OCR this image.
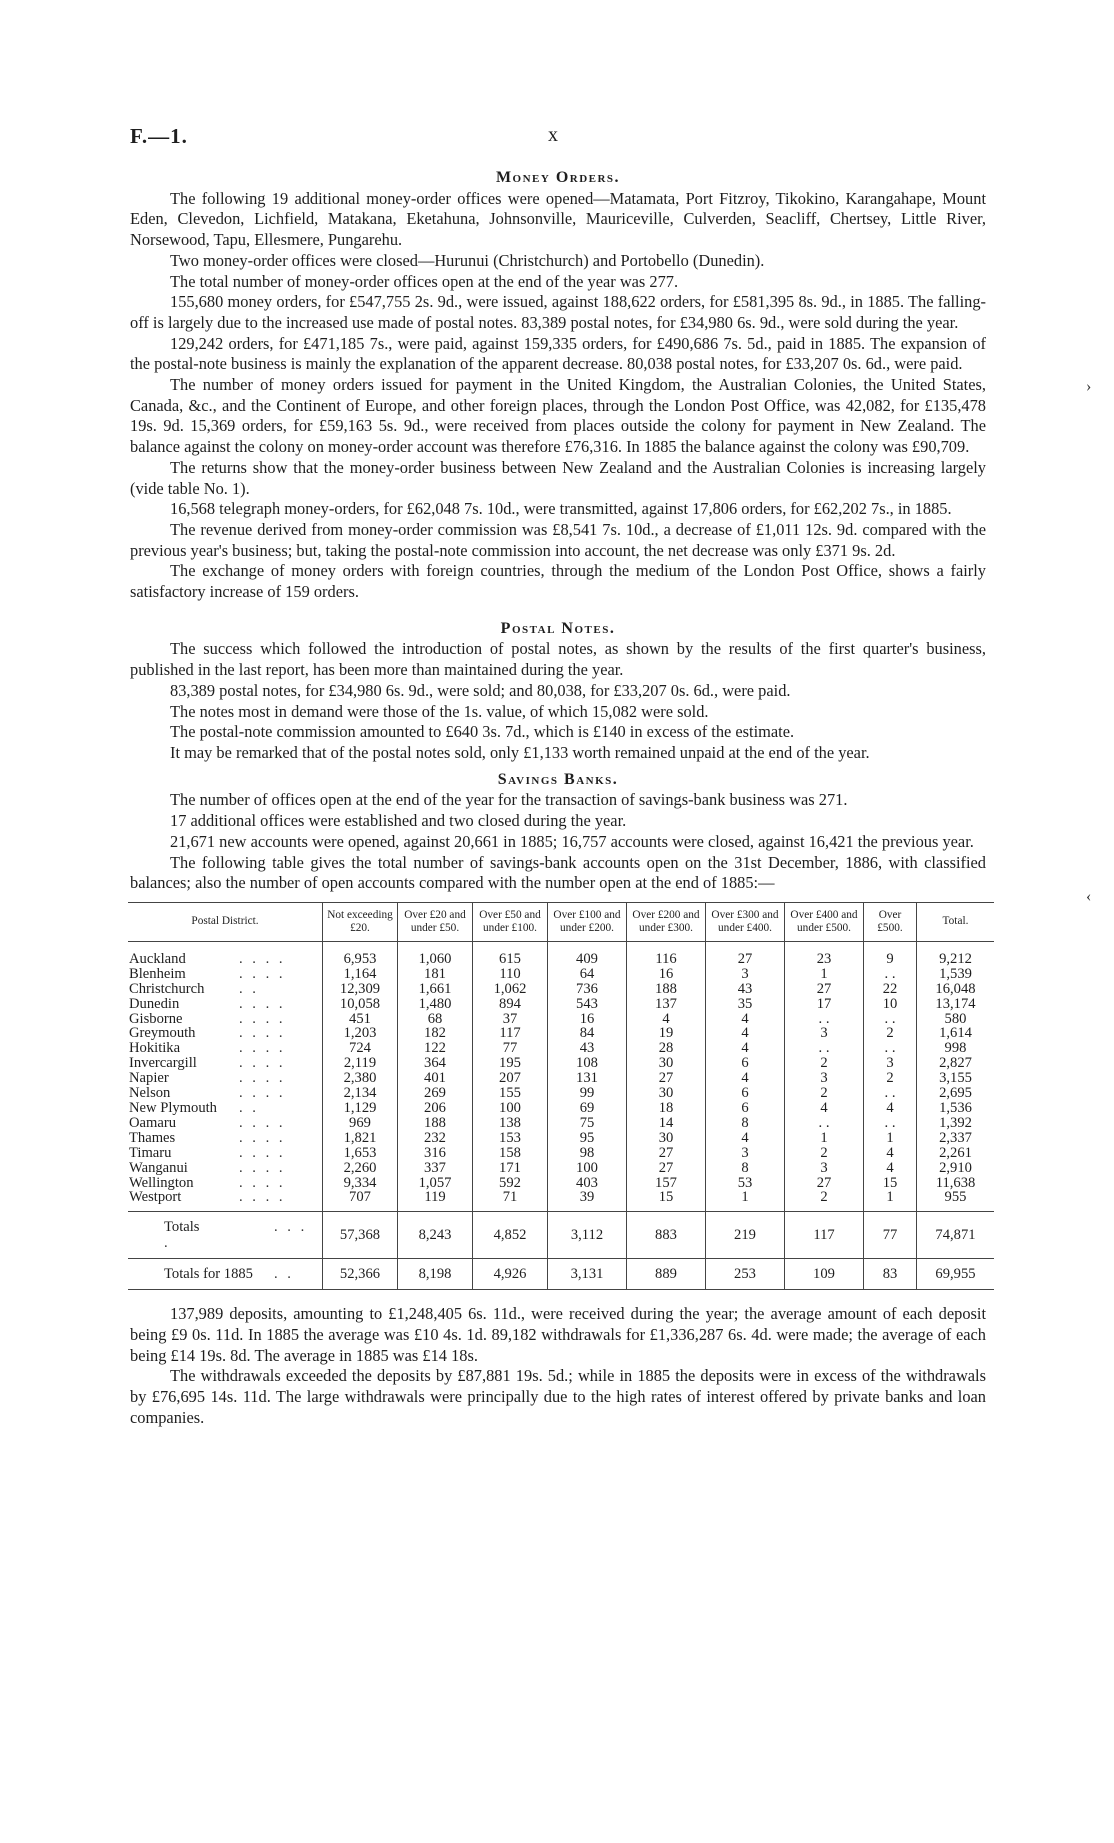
F.—1.	x
›
‹
Money Orders.

The following 19 additional money-order offices were opened—Matamata, Port Fitzroy, Tikokino, Karangahape, Mount Eden, Clevedon, Lichfield, Matakana, Eketahuna, Johnsonville, Mauriceville, Culverden, Seacliff, Chertsey, Little River, Norsewood, Tapu, Ellesmere, Pungarehu.

Two money-order offices were closed—Hurunui (Christchurch) and Portobello (Dunedin).

The total number of money-order offices open at the end of the year was 277.

155,680 money orders, for £547,755 2s. 9d., were issued, against 188,622 orders, for £581,395 8s. 9d., in 1885. The falling-off is largely due to the increased use made of postal notes. 83,389 postal notes, for £34,980 6s. 9d., were sold during the year.

129,242 orders, for £471,185 7s., were paid, against 159,335 orders, for £490,686 7s. 5d., paid in 1885. The expansion of the postal-note business is mainly the explanation of the apparent decrease. 80,038 postal notes, for £33,207 0s. 6d., were paid.

The number of money orders issued for payment in the United Kingdom, the Australian Colonies, the United States, Canada, &c., and the Continent of Europe, and other foreign places, through the London Post Office, was 42,082, for £135,478 19s. 9d. 15,369 orders, for £59,163 5s. 9d., were received from places outside the colony for payment in New Zealand. The balance against the colony on money-order account was therefore £76,316. In 1885 the balance against the colony was £90,709.

The returns show that the money-order business between New Zealand and the Australian Colonies is increasing largely (vide table No. 1).

16,568 telegraph money-orders, for £62,048 7s. 10d., were transmitted, against 17,806 orders, for £62,202 7s., in 1885.

The revenue derived from money-order commission was £8,541 7s. 10d., a decrease of £1,011 12s. 9d. compared with the previous year's business; but, taking the postal-note commission into account, the net decrease was only £371 9s. 2d.

The exchange of money orders with foreign countries, through the medium of the London Post Office, shows a fairly satisfactory increase of 159 orders.

Postal Notes.

The success which followed the introduction of postal notes, as shown by the results of the first quarter's business, published in the last report, has been more than maintained during the year.

83,389 postal notes, for £34,980 6s. 9d., were sold; and 80,038, for £33,207 0s. 6d., were paid.

The notes most in demand were those of the 1s. value, of which 15,082 were sold.

The postal-note commission amounted to £640 3s. 7d., which is £140 in excess of the estimate.

It may be remarked that of the postal notes sold, only £1,133 worth remained unpaid at the end of the year.

Savings Banks.

The number of offices open at the end of the year for the transaction of savings-bank business was 271.

17 additional offices were established and two closed during the year.

21,671 new accounts were opened, against 20,661 in 1885; 16,757 accounts were closed, against 16,421 the previous year.

The following table gives the total number of savings-bank accounts open on the 31st December, 1886, with classified balances; also the number of open accounts compared with the number open at the end of 1885:—

Postal District.	Not exceeding £20.	Over £20 and under £50.	Over £50 and under £100.	Over £100 and under £200.	Over £200 and under £300.	Over £300 and under £400.	Over £400 and under £500.	Over £500.	Total.

Auckland . . . .	6,953	1,060	615	409	116	27	23	9	9,212
Blenheim . . . .	1,164	181	110	64	16	3	1	. .	1,539
Christchurch . .	12,309	1,661	1,062	736	188	43	27	22	16,048
Dunedin . . . .	10,058	1,480	894	543	137	35	17	10	13,174
Gisborne . . . .	451	68	37	16	4	4	. .	. .	580
Greymouth . . . .	1,203	182	117	84	19	4	3	2	1,614
Hokitika . . . .	724	122	77	43	28	4	. .	. .	998
Invercargill . . . .	2,119	364	195	108	30	6	2	3	2,827
Napier . . . .	2,380	401	207	131	27	4	3	2	3,155
Nelson . . . .	2,134	269	155	99	30	6	2	. .	2,695
New Plymouth . .	1,129	206	100	69	18	6	4	4	1,536
Oamaru . . . .	969	188	138	75	14	8	. .	. .	1,392
Thames . . . .	1,821	232	153	95	30	4	1	1	2,337
Timaru . . . .	1,653	316	158	98	27	3	2	4	2,261
Wanganui . . . .	2,260	337	171	100	27	8	3	4	2,910
Wellington . . . .	9,334	1,057	592	403	157	53	27	15	11,638
Westport . . . .	707	119	71	39	15	1	2	1	955

Totals . . . .	57,368	8,243	4,852	3,112	883	219	117	77	74,871
Totals for 1885 . .	52,366	8,198	4,926	3,131	889	253	109	83	69,955

137,989 deposits, amounting to £1,248,405 6s. 11d., were received during the year; the average amount of each deposit being £9 0s. 11d. In 1885 the average was £10 4s. 1d. 89,182 withdrawals for £1,336,287 6s. 4d. were made; the average of each being £14 19s. 8d. The average in 1885 was £14 18s.

The withdrawals exceeded the deposits by £87,881 19s. 5d.; while in 1885 the deposits were in excess of the withdrawals by £76,695 14s. 11d. The large withdrawals were principally due to the high rates of interest offered by private banks and loan companies.
